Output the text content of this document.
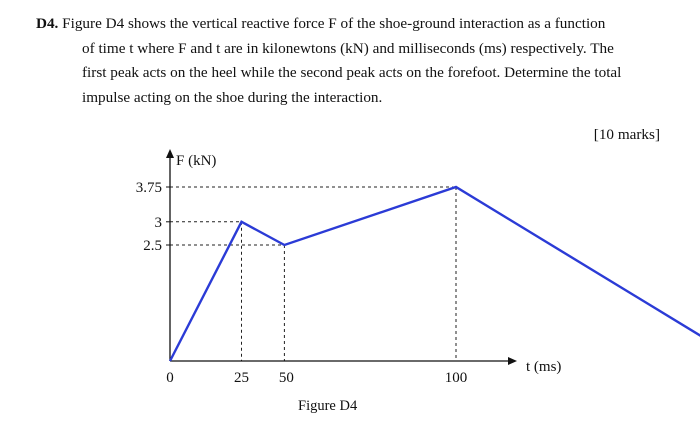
D4. Figure D4 shows the vertical reactive force F of the shoe-ground interaction as a function
of time t where F and t are in kilonewtons (kN) and milliseconds (ms) respectively. The
first peak acts on the heel while the second peak acts on the forefoot. Determine the total
impulse acting on the shoe during the interaction.
[10 marks]
2.5
3
3.75
0	25 50	100
F (kN)
t (ms)
Figure D4
